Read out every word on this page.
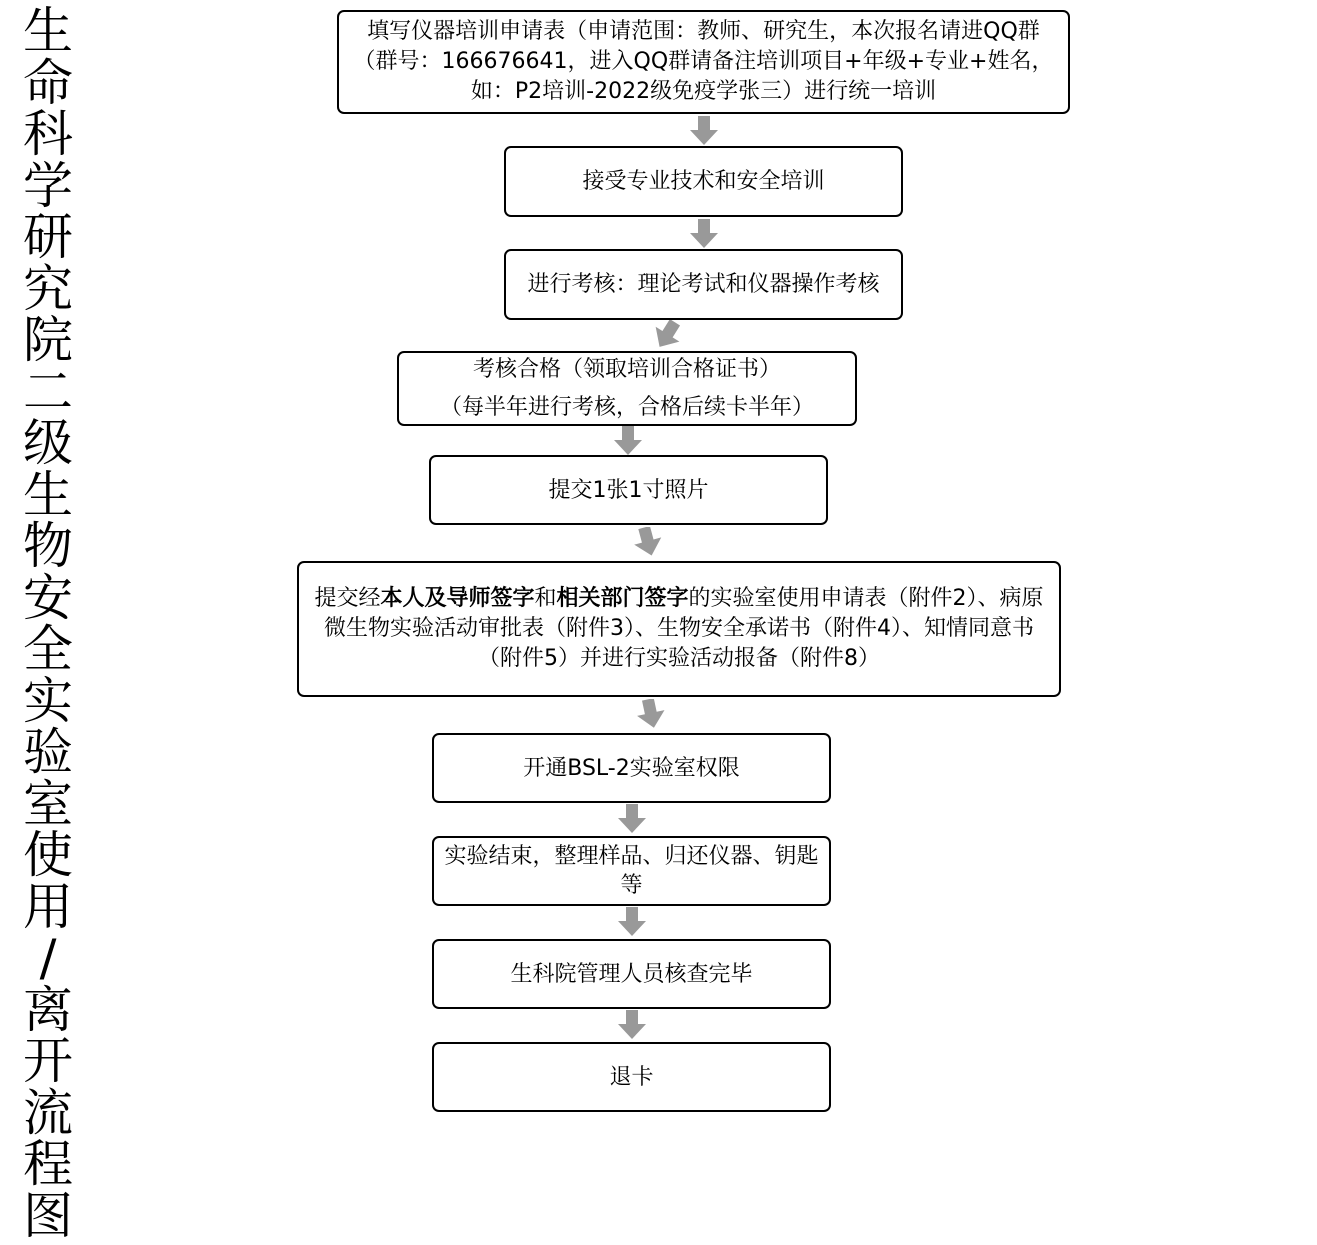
生
命
科
学
研
究
院
二
级
生
物
安
全
实
验
室
使
用
/
离
开
流
程
图
填写仪器培训申请表（申请范围：教师、研究生，本次报名请进QQ群（群号：166676641，进入QQ群请备注培训项目+年级+专业+姓名，如：P2培训-2022级免疫学张三）进行统一培训
接受专业技术和安全培训
进行考核：理论考试和仪器操作考核
考核合格（领取培训合格证书）
（每半年进行考核，合格后续卡半年）
提交1张1寸照片
提交经本人及导师签字和相关部门签字的实验室使用申请表（附件2）、病原微生物实验活动审批表（附件3）、生物安全承诺书（附件4）、知情同意书（附件5）并进行实验活动报备（附件8）
开通BSL-2实验室权限
实验结束，整理样品、归还仪器、钥匙等
生科院管理人员核查完毕
退卡
